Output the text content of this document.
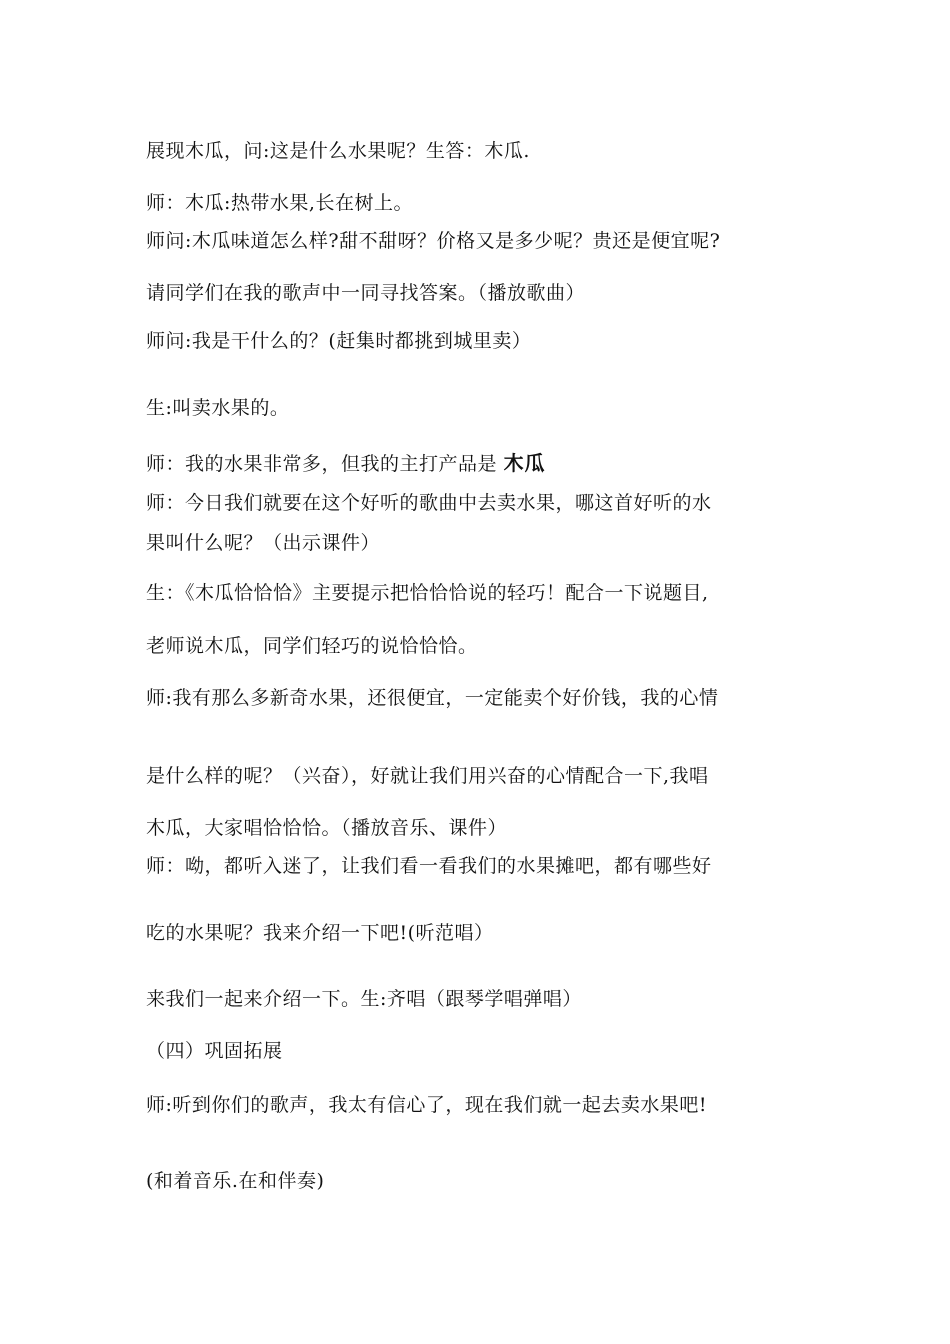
展现木瓜，问:这是什么水果呢？生答：木瓜.
师：木瓜:热带水果,长在树上。
师问:木瓜味道怎么样?甜不甜呀？价格又是多少呢？贵还是便宜呢?
请同学们在我的歌声中一同寻找答案。（播放歌曲）
师问:我是干什么的？(赶集时都挑到城里卖）
生:叫卖水果的。
师：我的水果非常多，但我的主打产品是 木瓜
师：今日我们就要在这个好听的歌曲中去卖水果，哪这首好听的水
果叫什么呢？（出示课件）
生：《木瓜恰恰恰》主要提示把恰恰恰说的轻巧！配合一下说题目,
老师说木瓜，同学们轻巧的说恰恰恰。
师:我有那么多新奇水果，还很便宜，一定能卖个好价钱，我的心情
是什么样的呢？（兴奋），好就让我们用兴奋的心情配合一下,我唱
木瓜，大家唱恰恰恰。（播放音乐、课件）
师：呦，都听入迷了，让我们看一看我们的水果摊吧，都有哪些好
吃的水果呢？我来介绍一下吧!(听范唱）
来我们一起来介绍一下。生:齐唱（跟琴学唱弹唱）
（四）巩固拓展
师:听到你们的歌声，我太有信心了，现在我们就一起去卖水果吧!
(和着音乐.在和伴奏)
